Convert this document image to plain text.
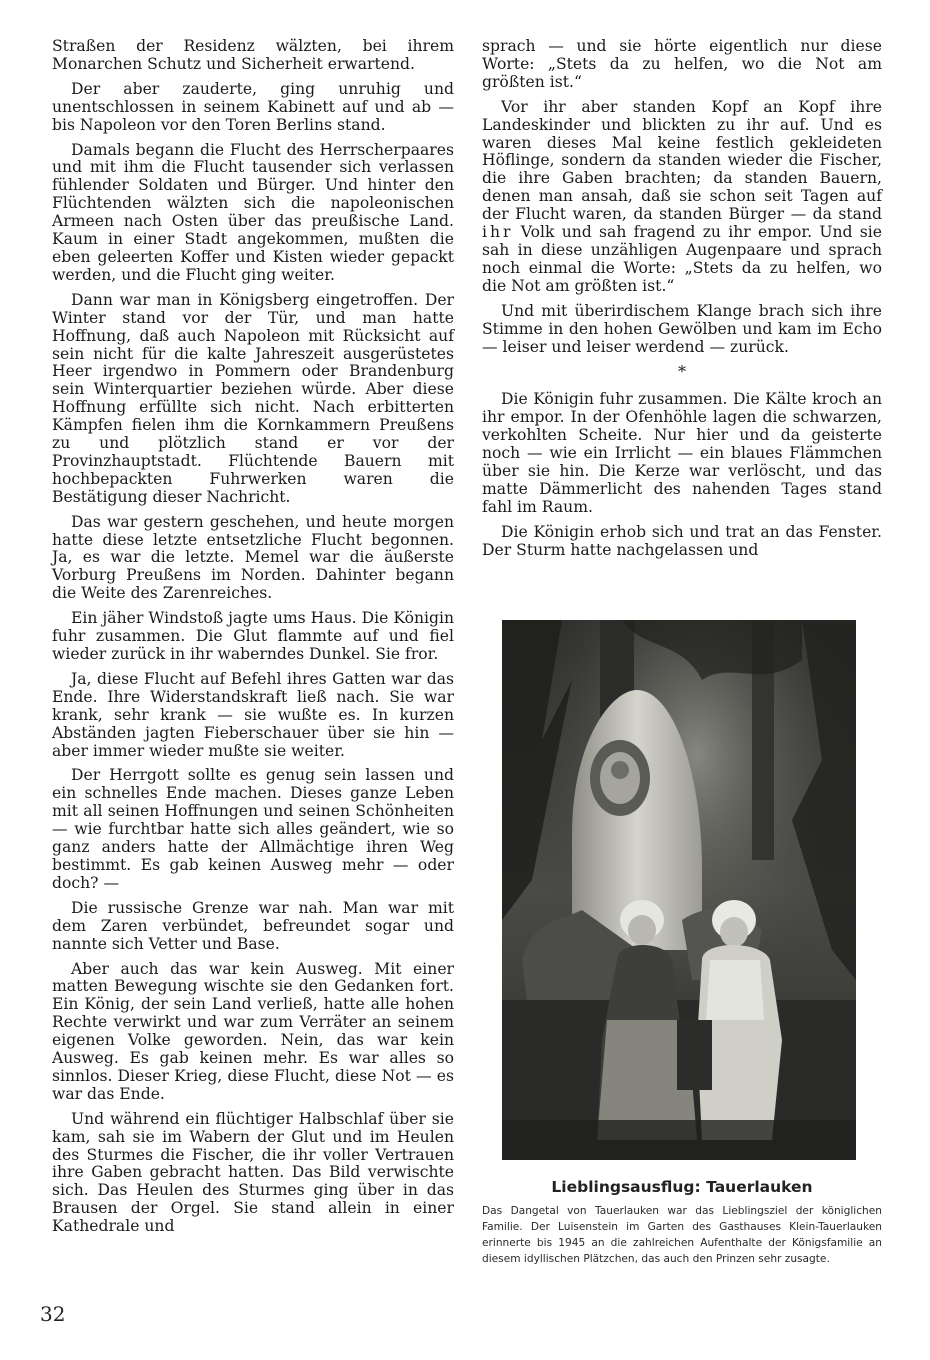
Straßen der Residenz wälzten, bei ihrem Monarchen Schutz und Sicherheit erwartend.

Der aber zauderte, ging unruhig und unentschlossen in seinem Kabinett auf und ab — bis Napoleon vor den Toren Berlins stand.

Damals begann die Flucht des Herrscherpaares und mit ihm die Flucht tausender sich verlassen fühlender Soldaten und Bürger. Und hinter den Flüchtenden wälzten sich die napoleonischen Armeen nach Osten über das preußische Land. Kaum in einer Stadt angekommen, mußten die eben geleerten Koffer und Kisten wieder gepackt werden, und die Flucht ging weiter.

Dann war man in Königsberg eingetroffen. Der Winter stand vor der Tür, und man hatte Hoffnung, daß auch Napoleon mit Rücksicht auf sein nicht für die kalte Jahreszeit ausgerüstetes Heer irgendwo in Pommern oder Brandenburg sein Winterquartier beziehen würde. Aber diese Hoffnung erfüllte sich nicht. Nach erbitterten Kämpfen fielen ihm die Kornkammern Preußens zu und plötzlich stand er vor der Provinzhauptstadt. Flüchtende Bauern mit hochbepackten Fuhrwerken waren die Bestätigung dieser Nachricht.

Das war gestern geschehen, und heute morgen hatte diese letzte entsetzliche Flucht begonnen. Ja, es war die letzte. Memel war die äußerste Vorburg Preußens im Norden. Dahinter begann die Weite des Zarenreiches.

Ein jäher Windstoß jagte ums Haus. Die Königin fuhr zusammen. Die Glut flammte auf und fiel wieder zurück in ihr waberndes Dunkel. Sie fror.

Ja, diese Flucht auf Befehl ihres Gatten war das Ende. Ihre Widerstandskraft ließ nach. Sie war krank, sehr krank — sie wußte es. In kurzen Abständen jagten Fieberschauer über sie hin — aber immer wieder mußte sie weiter.

Der Herrgott sollte es genug sein lassen und ein schnelles Ende machen. Dieses ganze Leben mit all seinen Hoffnungen und seinen Schönheiten — wie furchtbar hatte sich alles geändert, wie so ganz anders hatte der Allmächtige ihren Weg bestimmt. Es gab keinen Ausweg mehr — oder doch? —

Die russische Grenze war nah. Man war mit dem Zaren verbündet, befreundet sogar und nannte sich Vetter und Base.

Aber auch das war kein Ausweg. Mit einer matten Bewegung wischte sie den Gedanken fort. Ein König, der sein Land verließ, hatte alle hohen Rechte verwirkt und war zum Verräter an seinem eigenen Volke geworden. Nein, das war kein Ausweg. Es gab keinen mehr. Es war alles so sinnlos. Dieser Krieg, diese Flucht, diese Not — es war das Ende.

Und während ein flüchtiger Halbschlaf über sie kam, sah sie im Wabern der Glut und im Heulen des Sturmes die Fischer, die ihr voller Vertrauen ihre Gaben gebracht hatten. Das Bild verwischte sich. Das Heulen des Sturmes ging über in das Brausen der Orgel. Sie stand allein in einer Kathedrale und

sprach — und sie hörte eigentlich nur diese Worte: „Stets da zu helfen, wo die Not am größten ist.“

Vor ihr aber standen Kopf an Kopf ihre Landeskinder und blickten zu ihr auf. Und es waren dieses Mal keine festlich gekleideten Höflinge, sondern da standen wieder die Fischer, die ihre Gaben brachten; da standen Bauern, denen man ansah, daß sie schon seit Tagen auf der Flucht waren, da standen Bürger — da stand ihr Volk und sah fragend zu ihr empor. Und sie sah in diese unzähligen Augenpaare und sprach noch einmal die Worte: „Stets da zu helfen, wo die Not am größten ist.“

Und mit überirdischem Klange brach sich ihre Stimme in den hohen Gewölben und kam im Echo — leiser und leiser werdend — zurück.

*

Die Königin fuhr zusammen. Die Kälte kroch an ihr empor. In der Ofenhöhle lagen die schwarzen, verkohlten Scheite. Nur hier und da geisterte noch — wie ein Irrlicht — ein blaues Flämmchen über sie hin. Die Kerze war verlöscht, und das matte Dämmerlicht des nahenden Tages stand fahl im Raum.

Die Königin erhob sich und trat an das Fenster. Der Sturm hatte nachgelassen und

Lieblingsausflug: Tauerlauken
Das Dangetal von Tauerlauken war das Lieblingsziel der königlichen Familie. Der Luisenstein im Garten des Gasthauses Klein-Tauerlauken erinnerte bis 1945 an die zahlreichen Aufenthalte der Königsfamilie an diesem idyllischen Plätzchen, das auch den Prinzen sehr zusagte.
32
